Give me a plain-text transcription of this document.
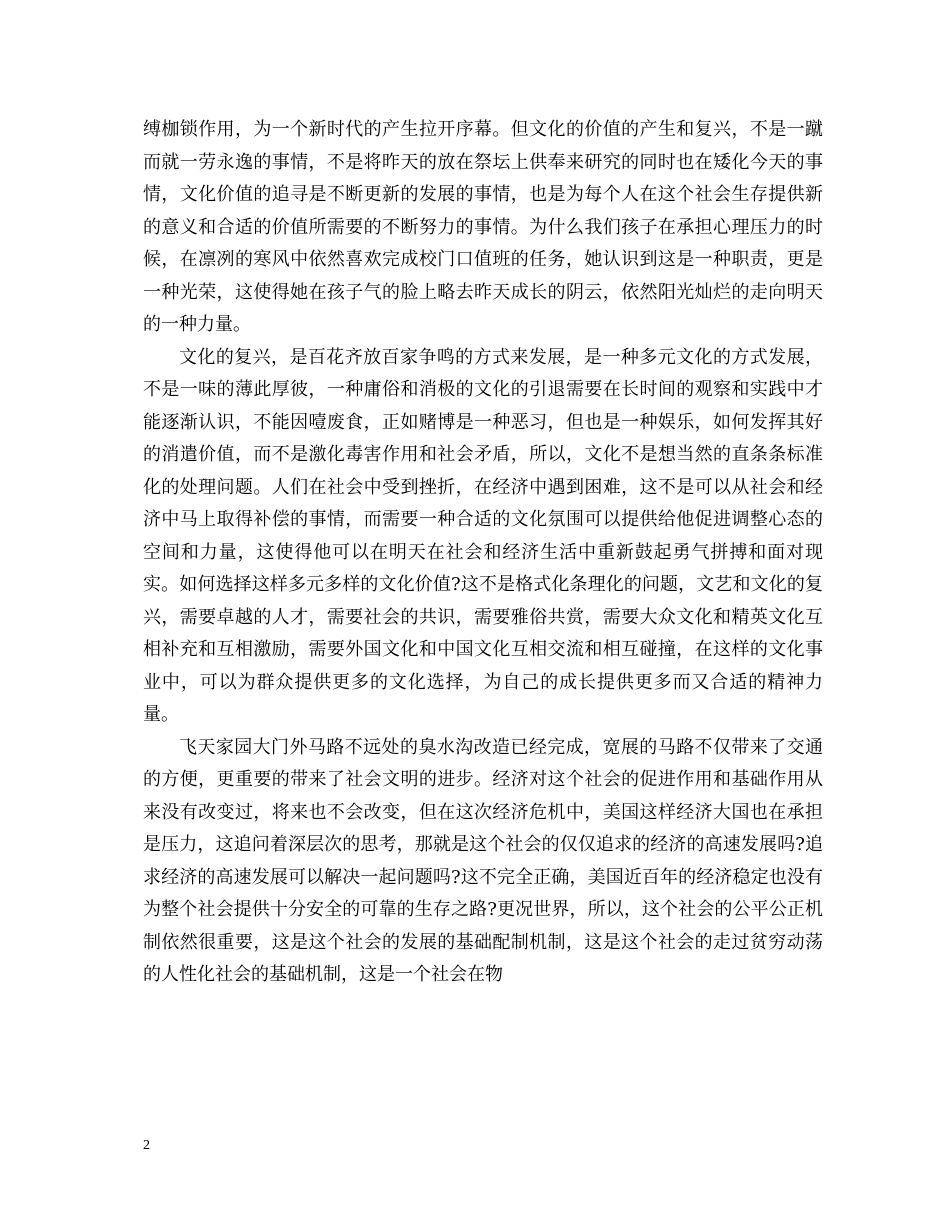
缚枷锁作用，为一个新时代的产生拉开序幕。但文化的价值的产生和复兴，不是一蹴而就一劳永逸的事情，不是将昨天的放在祭坛上供奉来研究的同时也在矮化今天的事情，文化价值的追寻是不断更新的发展的事情，也是为每个人在这个社会生存提供新的意义和合适的价值所需要的不断努力的事情。为什么我们孩子在承担心理压力的时候，在凛冽的寒风中依然喜欢完成校门口值班的任务，她认识到这是一种职责，更是一种光荣，这使得她在孩子气的脸上略去昨天成长的阴云，依然阳光灿烂的走向明天的一种力量。

文化的复兴，是百花齐放百家争鸣的方式来发展，是一种多元文化的方式发展，不是一味的薄此厚彼，一种庸俗和消极的文化的引退需要在长时间的观察和实践中才能逐渐认识，不能因噎废食，正如赌博是一种恶习，但也是一种娱乐，如何发挥其好的消遣价值，而不是激化毒害作用和社会矛盾，所以，文化不是想当然的直条条标准化的处理问题。人们在社会中受到挫折，在经济中遇到困难，这不是可以从社会和经济中马上取得补偿的事情，而需要一种合适的文化氛围可以提供给他促进调整心态的空间和力量，这使得他可以在明天在社会和经济生活中重新鼓起勇气拼搏和面对现实。如何选择这样多元多样的文化价值?这不是格式化条理化的问题，文艺和文化的复兴，需要卓越的人才，需要社会的共识，需要雅俗共赏，需要大众文化和精英文化互相补充和互相激励，需要外国文化和中国文化互相交流和相互碰撞，在这样的文化事业中，可以为群众提供更多的文化选择，为自己的成长提供更多而又合适的精神力量。

飞天家园大门外马路不远处的臭水沟改造已经完成，宽展的马路不仅带来了交通的方便，更重要的带来了社会文明的进步。经济对这个社会的促进作用和基础作用从来没有改变过，将来也不会改变，但在这次经济危机中，美国这样经济大国也在承担是压力，这追问着深层次的思考，那就是这个社会的仅仅追求的经济的高速发展吗?追求经济的高速发展可以解决一起问题吗?这不完全正确，美国近百年的经济稳定也没有为整个社会提供十分安全的可靠的生存之路?更况世界，所以，这个社会的公平公正机制依然很重要，这是这个社会的发展的基础配制机制，这是这个社会的走过贫穷动荡的人性化社会的基础机制，这是一个社会在物

2
